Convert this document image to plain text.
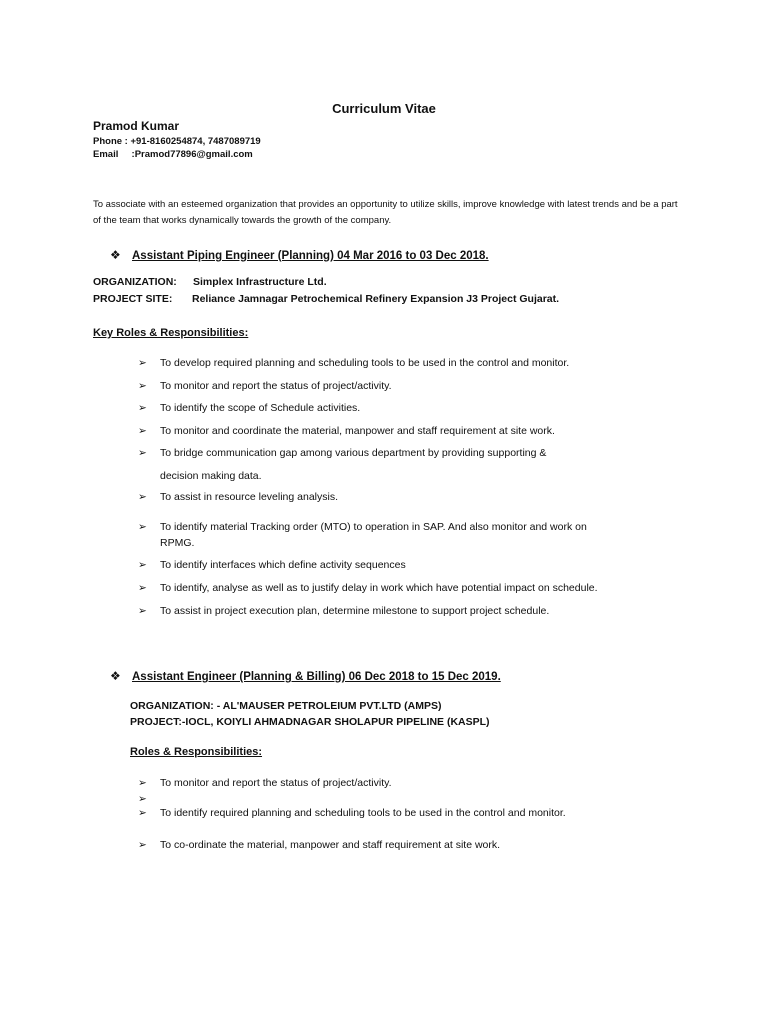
Curriculum Vitae
Pramod Kumar
Phone : +91-8160254874, 7487089719
Email     :Pramod77896@gmail.com
To associate with an esteemed organization that provides an opportunity to utilize skills, improve knowledge with latest trends and be a part of the team that works dynamically towards the growth of the company.
❖ Assistant Piping Engineer (Planning) 04 Mar 2016 to 03 Dec 2018.
ORGANIZATION: Simplex Infrastructure Ltd.
PROJECT SITE: Reliance Jamnagar Petrochemical Refinery Expansion J3 Project Gujarat.
Key Roles & Responsibilities:
➢ To develop required planning and scheduling tools to be used in the control and monitor.
➢ To monitor and report the status of project/activity.
➢ To identify the scope of Schedule activities.
➢ To monitor and coordinate the material, manpower and staff requirement at site work.
➢ To bridge communication gap among various department by providing supporting &
decision making data.
➢ To assist in resource leveling analysis.
➢ To identify material Tracking order (MTO) to operation in SAP. And also monitor and work on
RPMG.
➢ To identify interfaces which define activity sequences
➢ To identify, analyse as well as to justify delay in work which have potential impact on schedule.
➢ To assist in project execution plan, determine milestone to support project schedule.
❖ Assistant Engineer (Planning & Billing) 06 Dec 2018 to 15 Dec 2019.
ORGANIZATION: - AL'MAUSER PETROLEIUM PVT.LTD (AMPS)
PROJECT:-IOCL, KOIYLI AHMADNAGAR SHOLAPUR PIPELINE (KASPL)
Roles & Responsibilities:
➢ To monitor and report the status of project/activity.
➢
➢ To identify required planning and scheduling tools to be used in the control and monitor.
➢ To co-ordinate the material, manpower and staff requirement at site work.
